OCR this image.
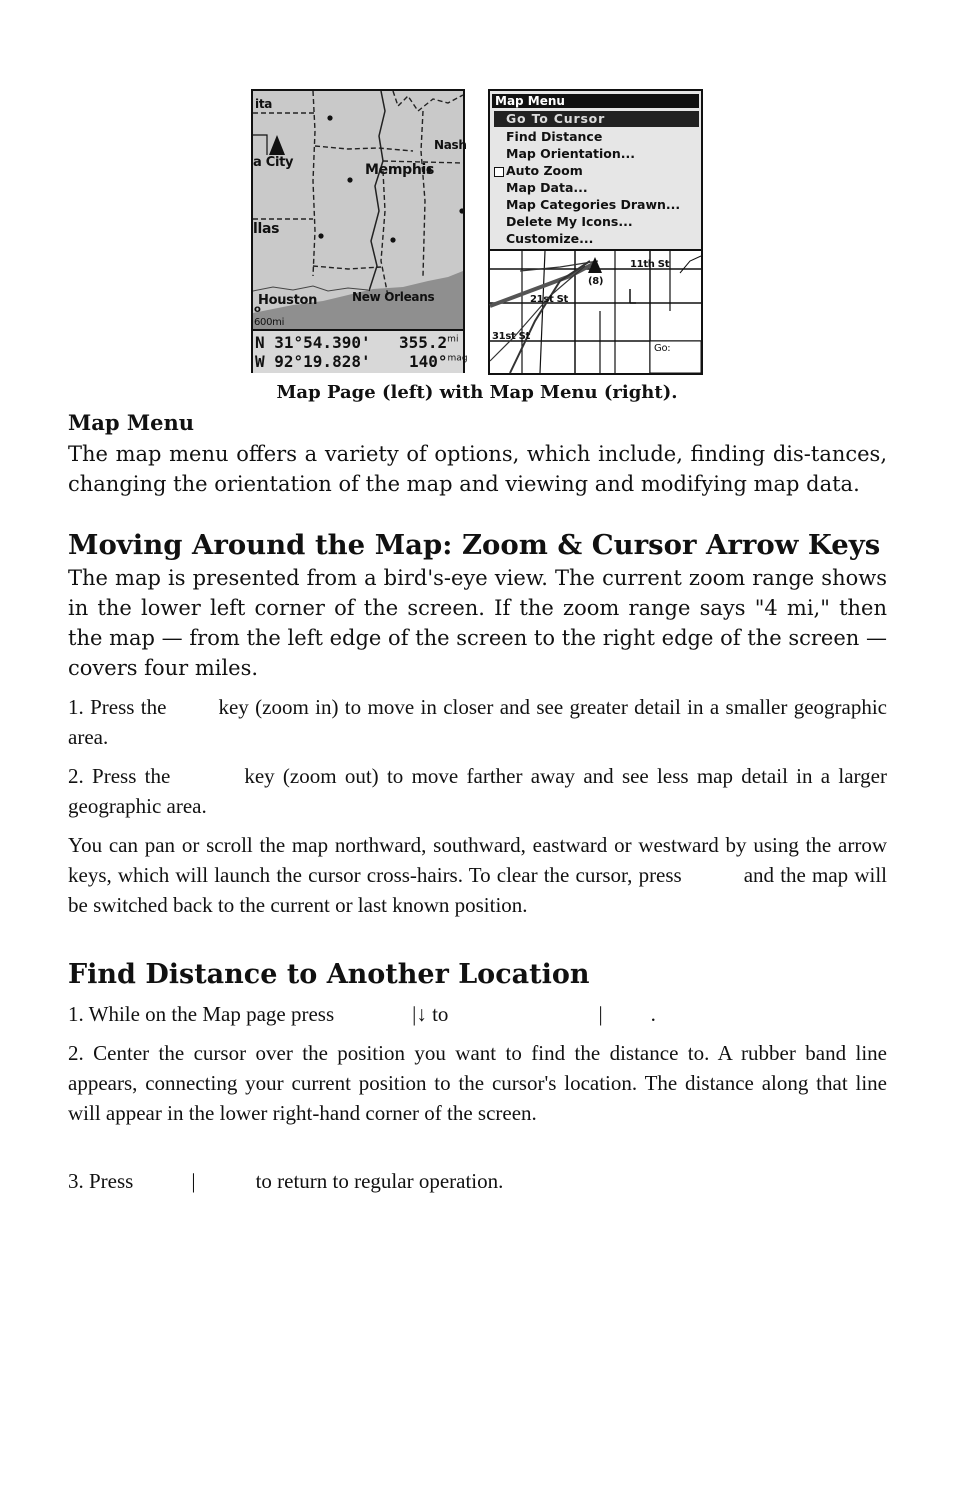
ita
a City	Memphis
Nash
llas
Houston
o
New Orleans
600mi
N 31°54.390' $355.2^{mi}$
W 92°19.828' 140°$^{mag}$
11th St
21st St
31st St
(8)
Go:
Map Menu
Go To Cursor
Find Distance
Map Orientation...
Auto Zoom
Map Data...
Map Categories Drawn...
Delete My Icons...
Customize...
Map Page (left) with Map Menu (right).
Map Menu
The map menu offers a variety of options, which include, finding dis-tances, changing the orientation of the map and viewing and modifying map data.
Moving Around the Map: Zoom & Cursor Arrow Keys
The map is presented from a bird's-eye view. The current zoom range shows in the lower left corner of the screen. If the zoom range says "4 mi," then the map — from the left edge of the screen to the right edge of the screen — covers four miles.
1. Press the key (zoom in) to move in closer and see greater detail in a smaller geographic area.
2. Press the	key (zoom out) to move farther away and see less map detail in a larger geographic area.
You can pan or scroll the map northward, southward, eastward or westward by using the arrow keys, which will launch the cursor cross-hairs. To clear the cursor, press	and the map will be switched back to the current or last known position.
Find Distance to Another Location
1. While on the Map page press	|↓ to	| .
2. Center the cursor over the position you want to find the distance to. A rubber band line appears, connecting your current position to the cursor's location. The distance along that line will appear in the lower right-hand corner of the screen.
3. Press	|	to return to regular operation.
